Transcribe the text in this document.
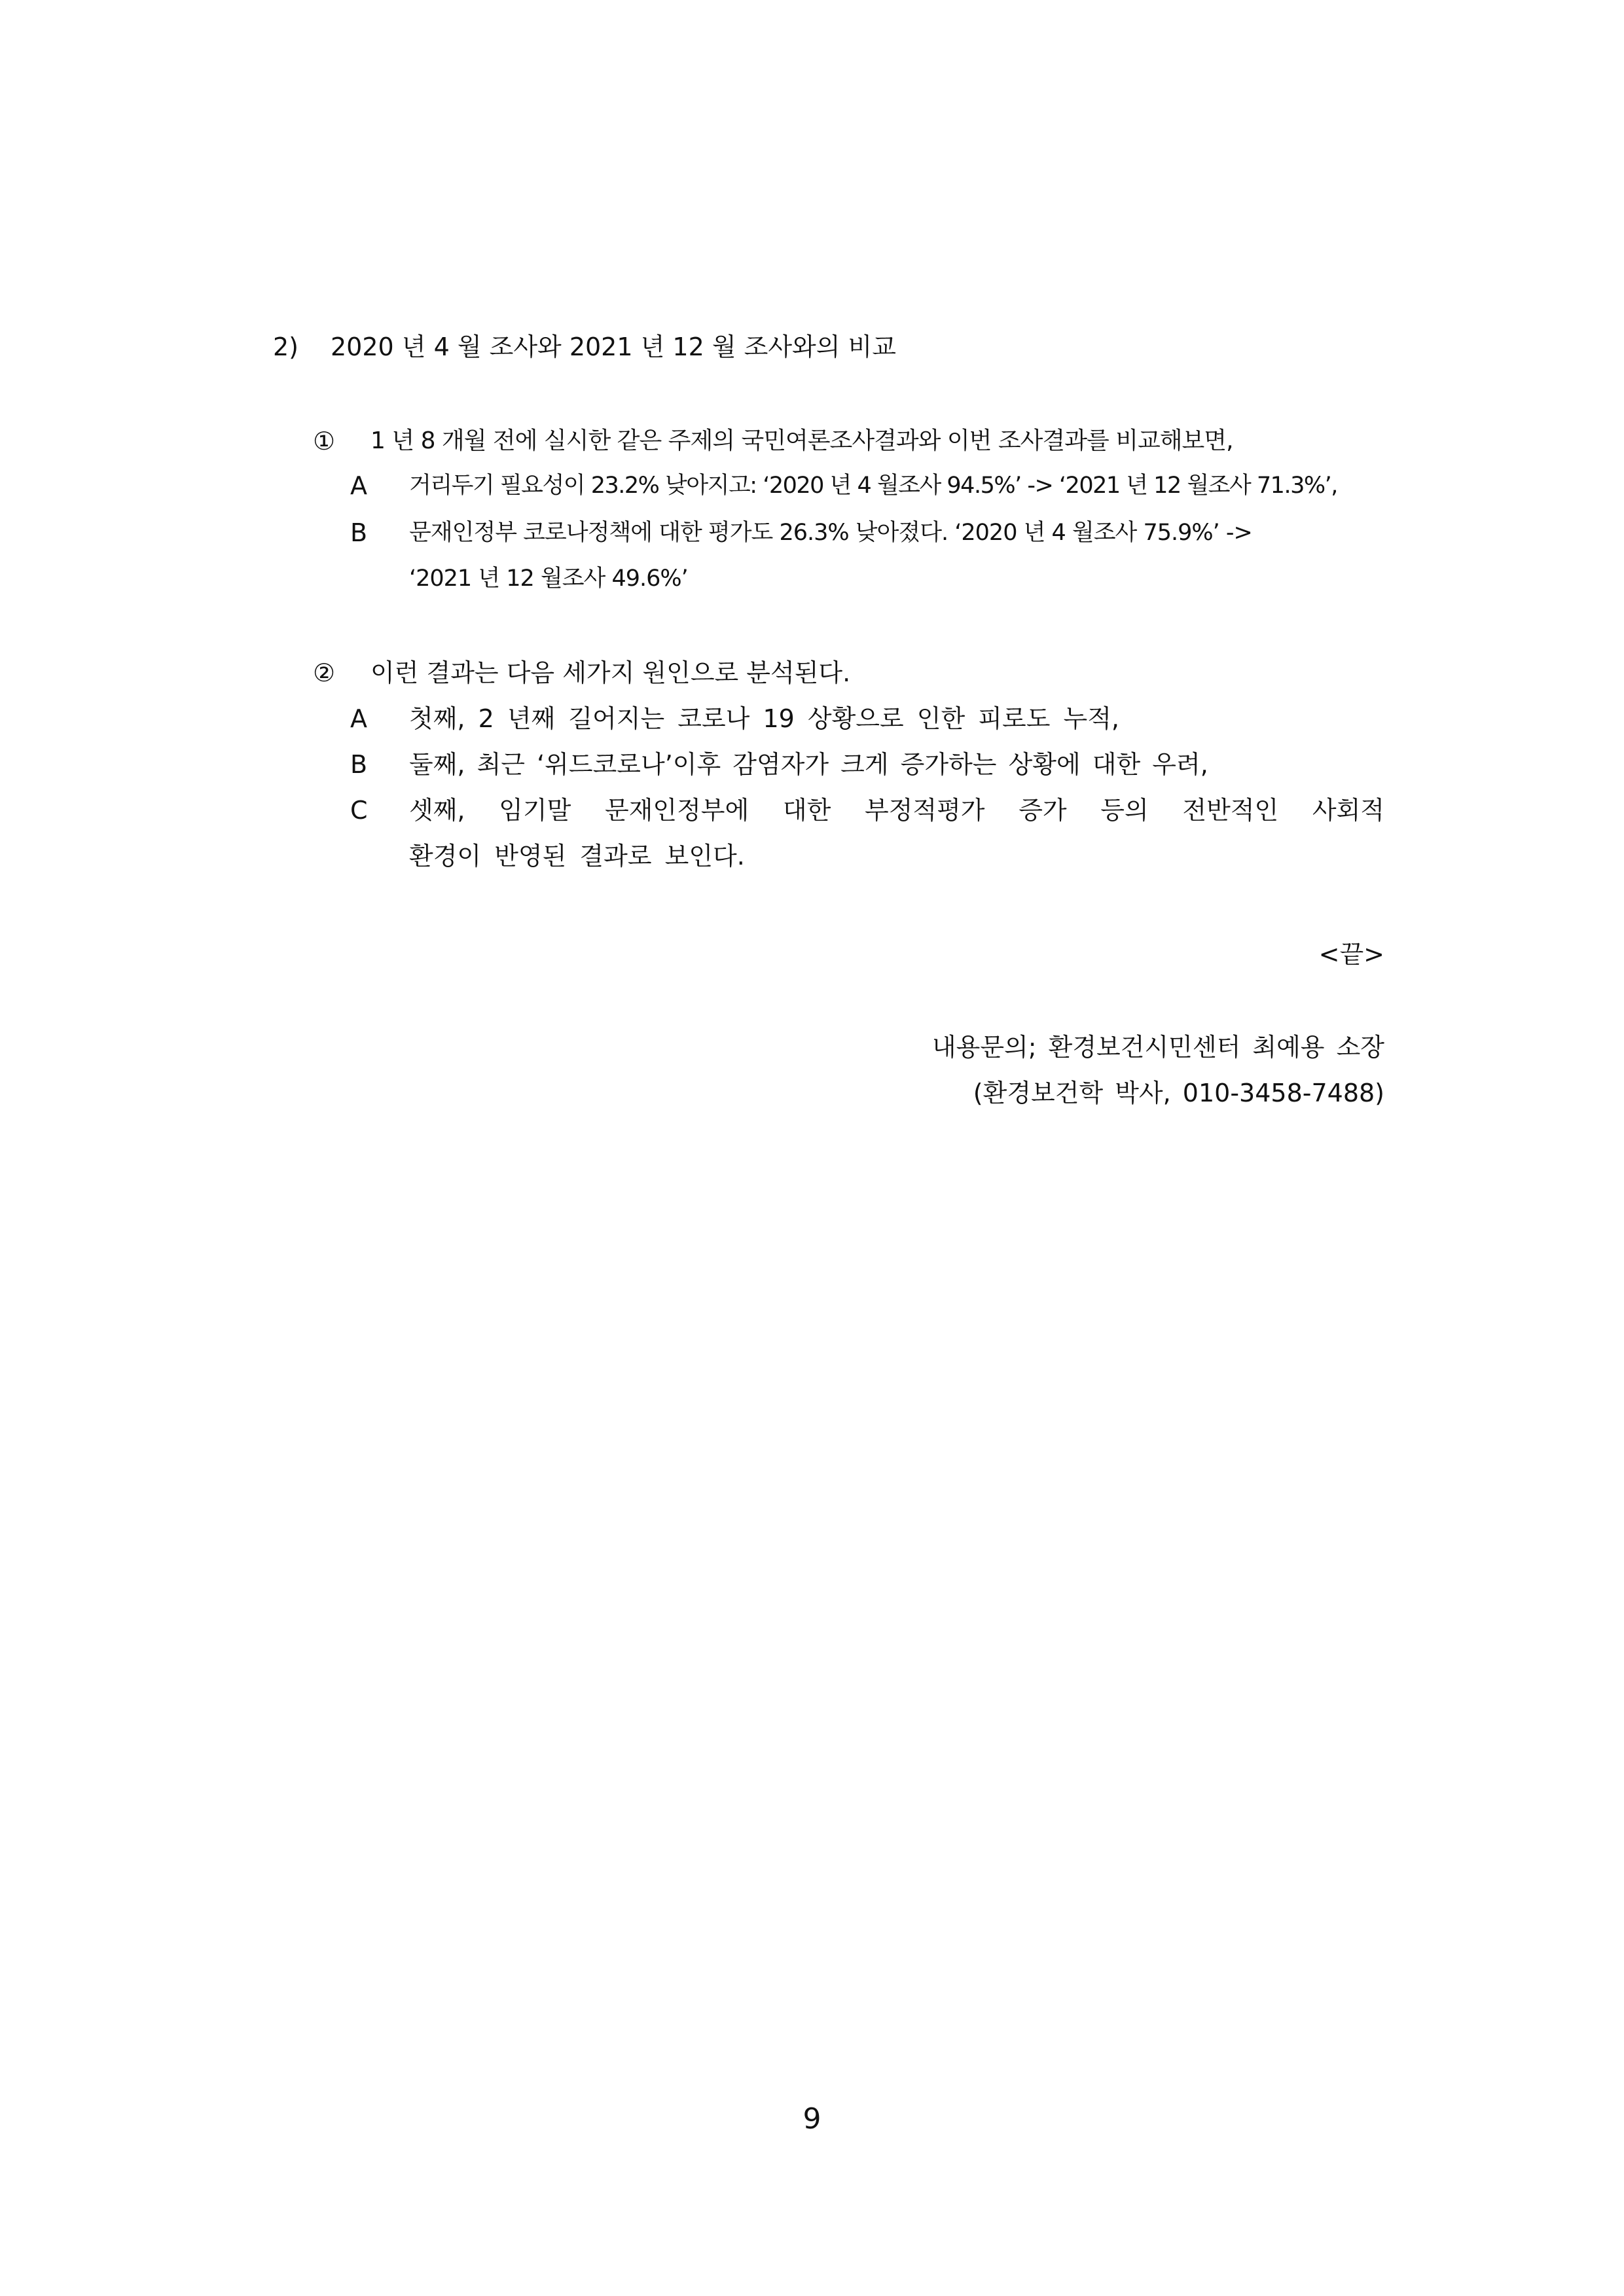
2) 2020 년 4 월 조사와 2021 년 12 월 조사와의 비교
① 1 년 8 개월 전에 실시한 같은 주제의 국민여론조사결과와 이번 조사결과를 비교해보면,
A 거리두기 필요성이 23.2% 낮아지고: ‘2020 년 4 월조사 94.5%’ -> ‘2021 년 12 월조사 71.3%’,
B 문재인정부 코로나정책에 대한 평가도 26.3% 낮아졌다. ‘2020 년 4 월조사 75.9%’ ->
‘2021 년 12 월조사 49.6%’
② 이런 결과는 다음 세가지 원인으로 분석된다.
A 첫째, 2 년째 길어지는 코로나 19 상황으로 인한 피로도 누적,
B 둘째, 최근 ‘위드코로나’이후 감염자가 크게 증가하는 상황에 대한 우려,
C 셋째, 임기말 문재인정부에 대한 부정적평가 증가 등의 전반적인 사회적
환경이 반영된 결과로 보인다.
<끝>
내용문의; 환경보건시민센터 최예용 소장
(환경보건학 박사, 010-3458-7488)
9
